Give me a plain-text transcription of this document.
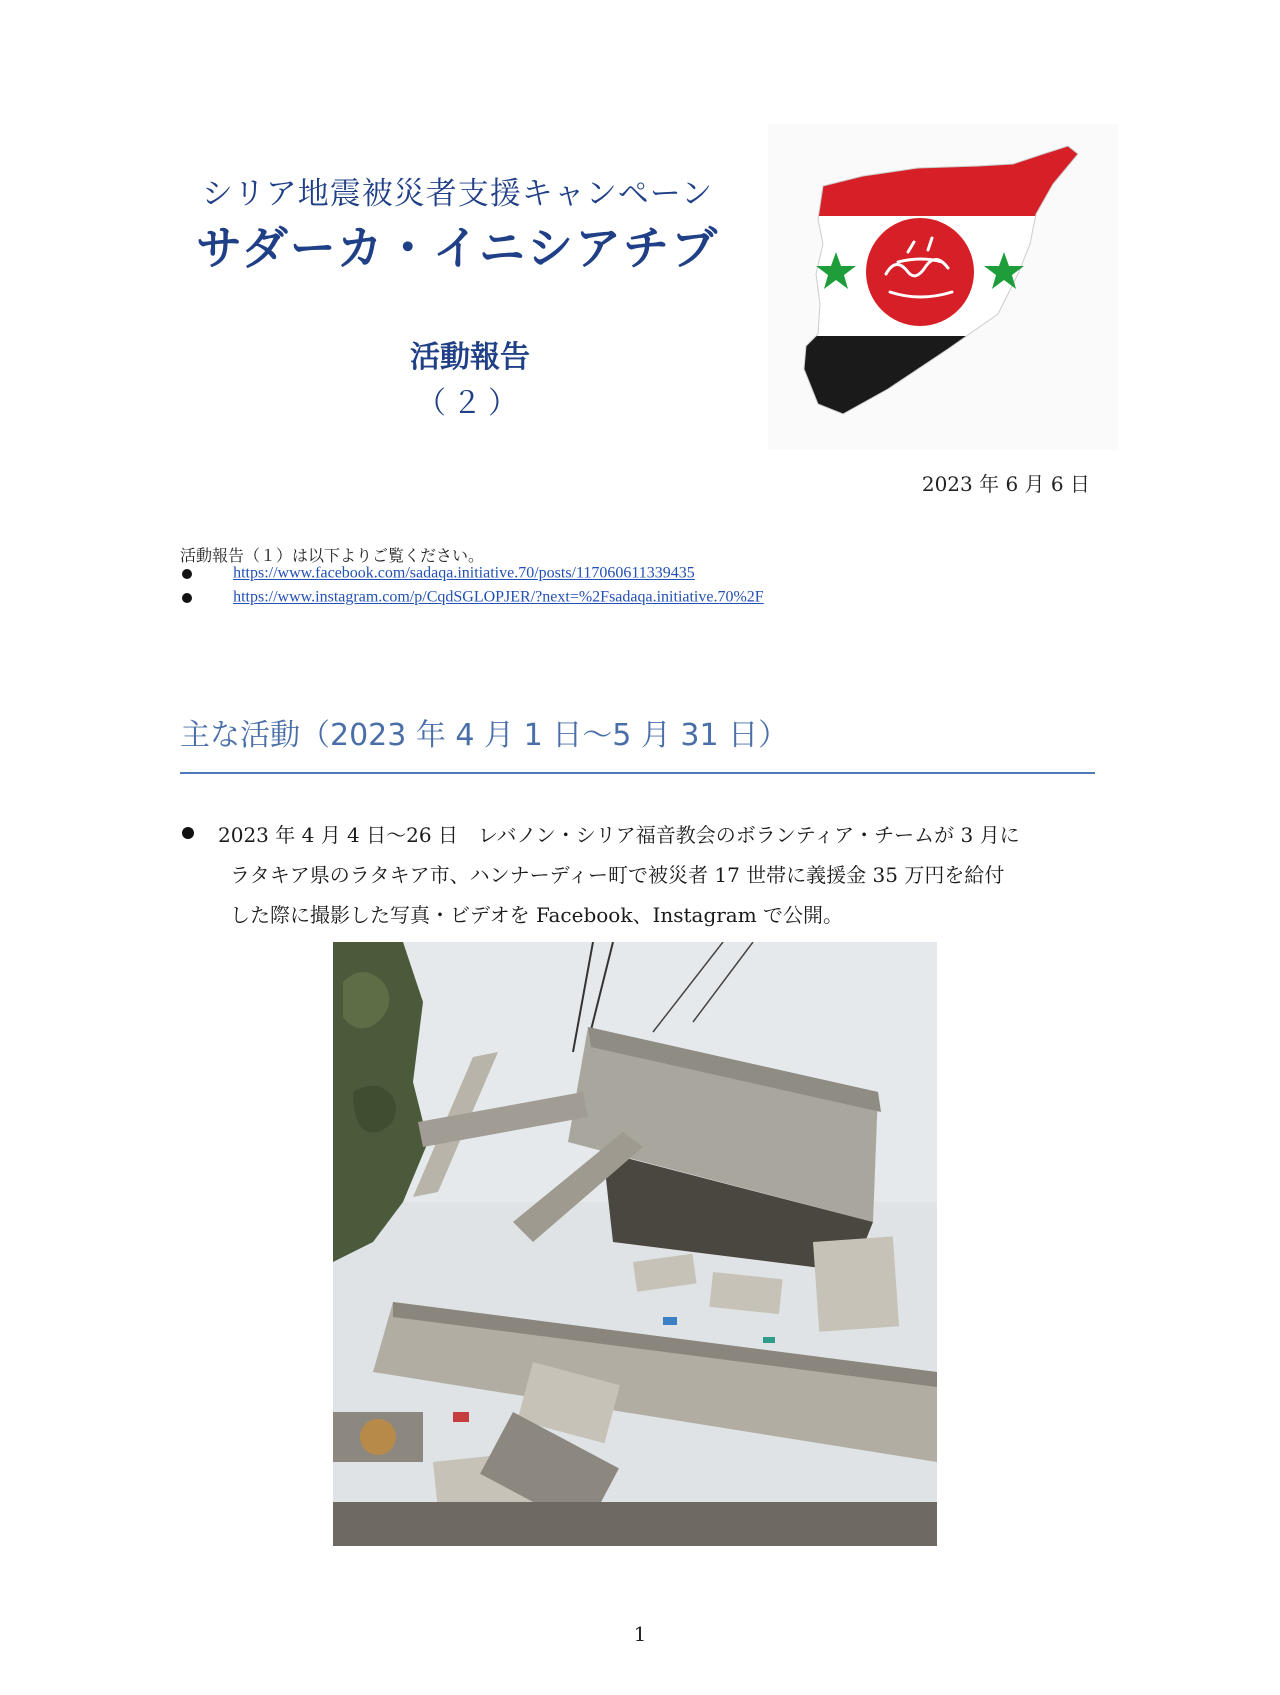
シリア地震被災者支援キャンペーン
サダーカ・イニシアチブ
活動報告
（２）
2023 年 6 月 6 日
活動報告（１）は以下よりご覧ください。
https://www.facebook.com/sadaqa.initiative.70/posts/117060611339435
https://www.instagram.com/p/CqdSGLOPJER/?next=%2Fsadaqa.initiative.70%2F
主な活動（2023 年 4 月 1 日～5 月 31 日）

2023 年 4 月 4 日～26 日　レバノン・シリア福音教会のボランティア・チームが 3 月に

ラタキア県のラタキア市、ハンナーディー町で被災者 17 世帯に義援金 35 万円を給付

した際に撮影した写真・ビデオを Facebook、Instagram で公開。

1
